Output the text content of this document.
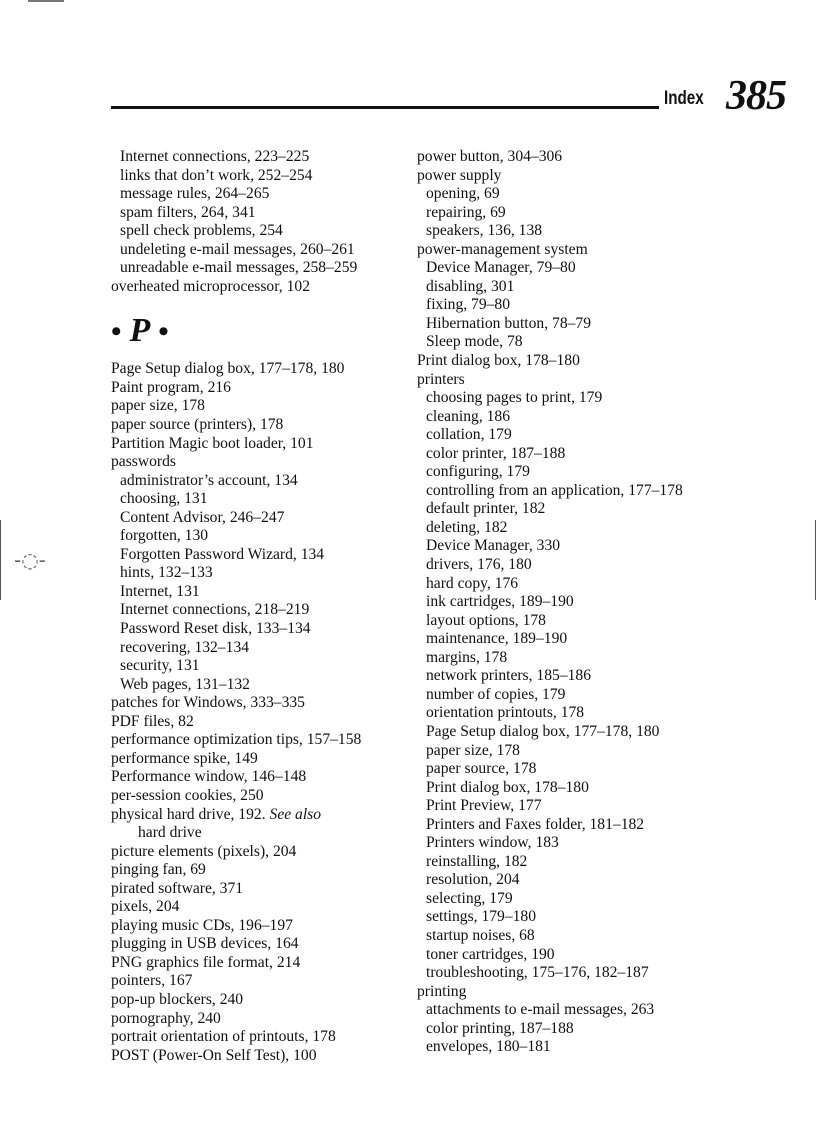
-◌-
Index 385
Internet connections, 223–225
links that don’t work, 252–254
message rules, 264–265
spam filters, 264, 341
spell check problems, 254
undeleting e-mail messages, 260–261
unreadable e-mail messages, 258–259
overheated microprocessor, 102
• P •
Page Setup dialog box, 177–178, 180
Paint program, 216
paper size, 178
paper source (printers), 178
Partition Magic boot loader, 101
passwords
administrator’s account, 134
choosing, 131
Content Advisor, 246–247
forgotten, 130
Forgotten Password Wizard, 134
hints, 132–133
Internet, 131
Internet connections, 218–219
Password Reset disk, 133–134
recovering, 132–134
security, 131
Web pages, 131–132
patches for Windows, 333–335
PDF files, 82
performance optimization tips, 157–158
performance spike, 149
Performance window, 146–148
per-session cookies, 250
physical hard drive, 192. See also
hard drive
picture elements (pixels), 204
pinging fan, 69
pirated software, 371
pixels, 204
playing music CDs, 196–197
plugging in USB devices, 164
PNG graphics file format, 214
pointers, 167
pop-up blockers, 240
pornography, 240
portrait orientation of printouts, 178
POST (Power-On Self Test), 100
power button, 304–306
power supply
opening, 69
repairing, 69
speakers, 136, 138
power-management system
Device Manager, 79–80
disabling, 301
fixing, 79–80
Hibernation button, 78–79
Sleep mode, 78
Print dialog box, 178–180
printers
choosing pages to print, 179
cleaning, 186
collation, 179
color printer, 187–188
configuring, 179
controlling from an application, 177–178
default printer, 182
deleting, 182
Device Manager, 330
drivers, 176, 180
hard copy, 176
ink cartridges, 189–190
layout options, 178
maintenance, 189–190
margins, 178
network printers, 185–186
number of copies, 179
orientation printouts, 178
Page Setup dialog box, 177–178, 180
paper size, 178
paper source, 178
Print dialog box, 178–180
Print Preview, 177
Printers and Faxes folder, 181–182
Printers window, 183
reinstalling, 182
resolution, 204
selecting, 179
settings, 179–180
startup noises, 68
toner cartridges, 190
troubleshooting, 175–176, 182–187
printing
attachments to e-mail messages, 263
color printing, 187–188
envelopes, 180–181
